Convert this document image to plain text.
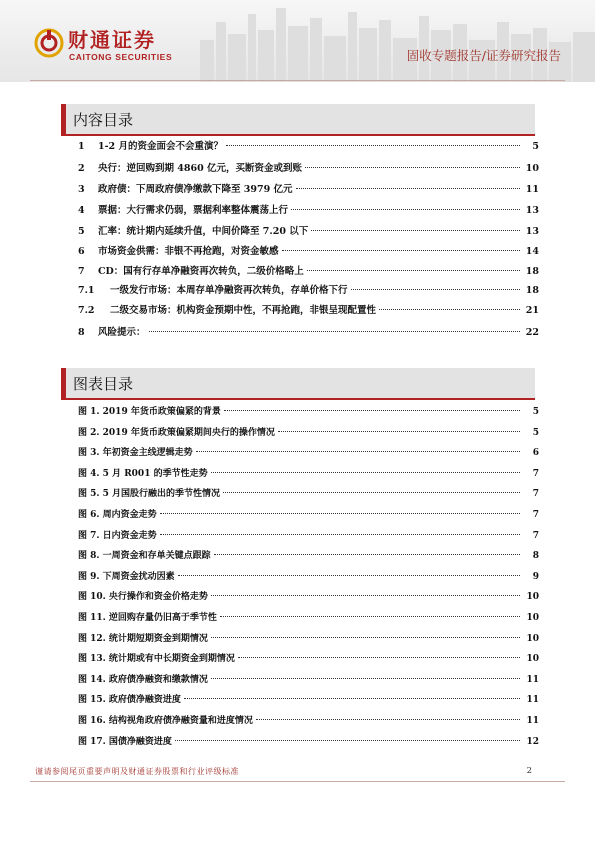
财通证券
CAITONG SECURITIES	固收专题报告/证券研究报告
内容目录
1	1-2 月的资金面会不会重演？	5
2	央行：逆回购到期 4860 亿元，买断资金或到账	10
3	政府债：下周政府债净缴款下降至 3979 亿元	11
4	票据：大行需求仍弱，票据利率整体震荡上行	13
5	汇率：统计期内延续升值，中间价降至 7.20 以下	13
6	市场资金供需：非银不再抢跑，对资金敏感	14
7	CD：国有行存单净融资再次转负，二级价格略上	18
7.1	一级发行市场：本周存单净融资再次转负，存单价格下行	18
7.2	二级交易市场：机构资金预期中性，不再抢跑，非银呈现配置性	21
8	风险提示：	22
图表目录
图 1. 2019 年货币政策偏紧的背景	5
图 2. 2019 年货币政策偏紧期间央行的操作情况	5
图 3. 年初资金主线逻辑走势	6
图 4. 5 月 R001 的季节性走势	7
图 5. 5 月国股行融出的季节性情况	7
图 6. 周内资金走势	7
图 7. 日内资金走势	7
图 8. 一周资金和存单关键点跟踪	8
图 9. 下周资金扰动因素	9
图 10. 央行操作和资金价格走势	10
图 11. 逆回购存量仍旧高于季节性	10
图 12. 统计期短期资金到期情况	10
图 13. 统计期或有中长期资金到期情况	10
图 14. 政府债净融资和缴款情况	11
图 15. 政府债净融资进度	11
图 16. 结构视角政府债净融资量和进度情况	11
图 17. 国债净融资进度	12
谨请参阅尾页重要声明及财通证券股票和行业评级标准	2
